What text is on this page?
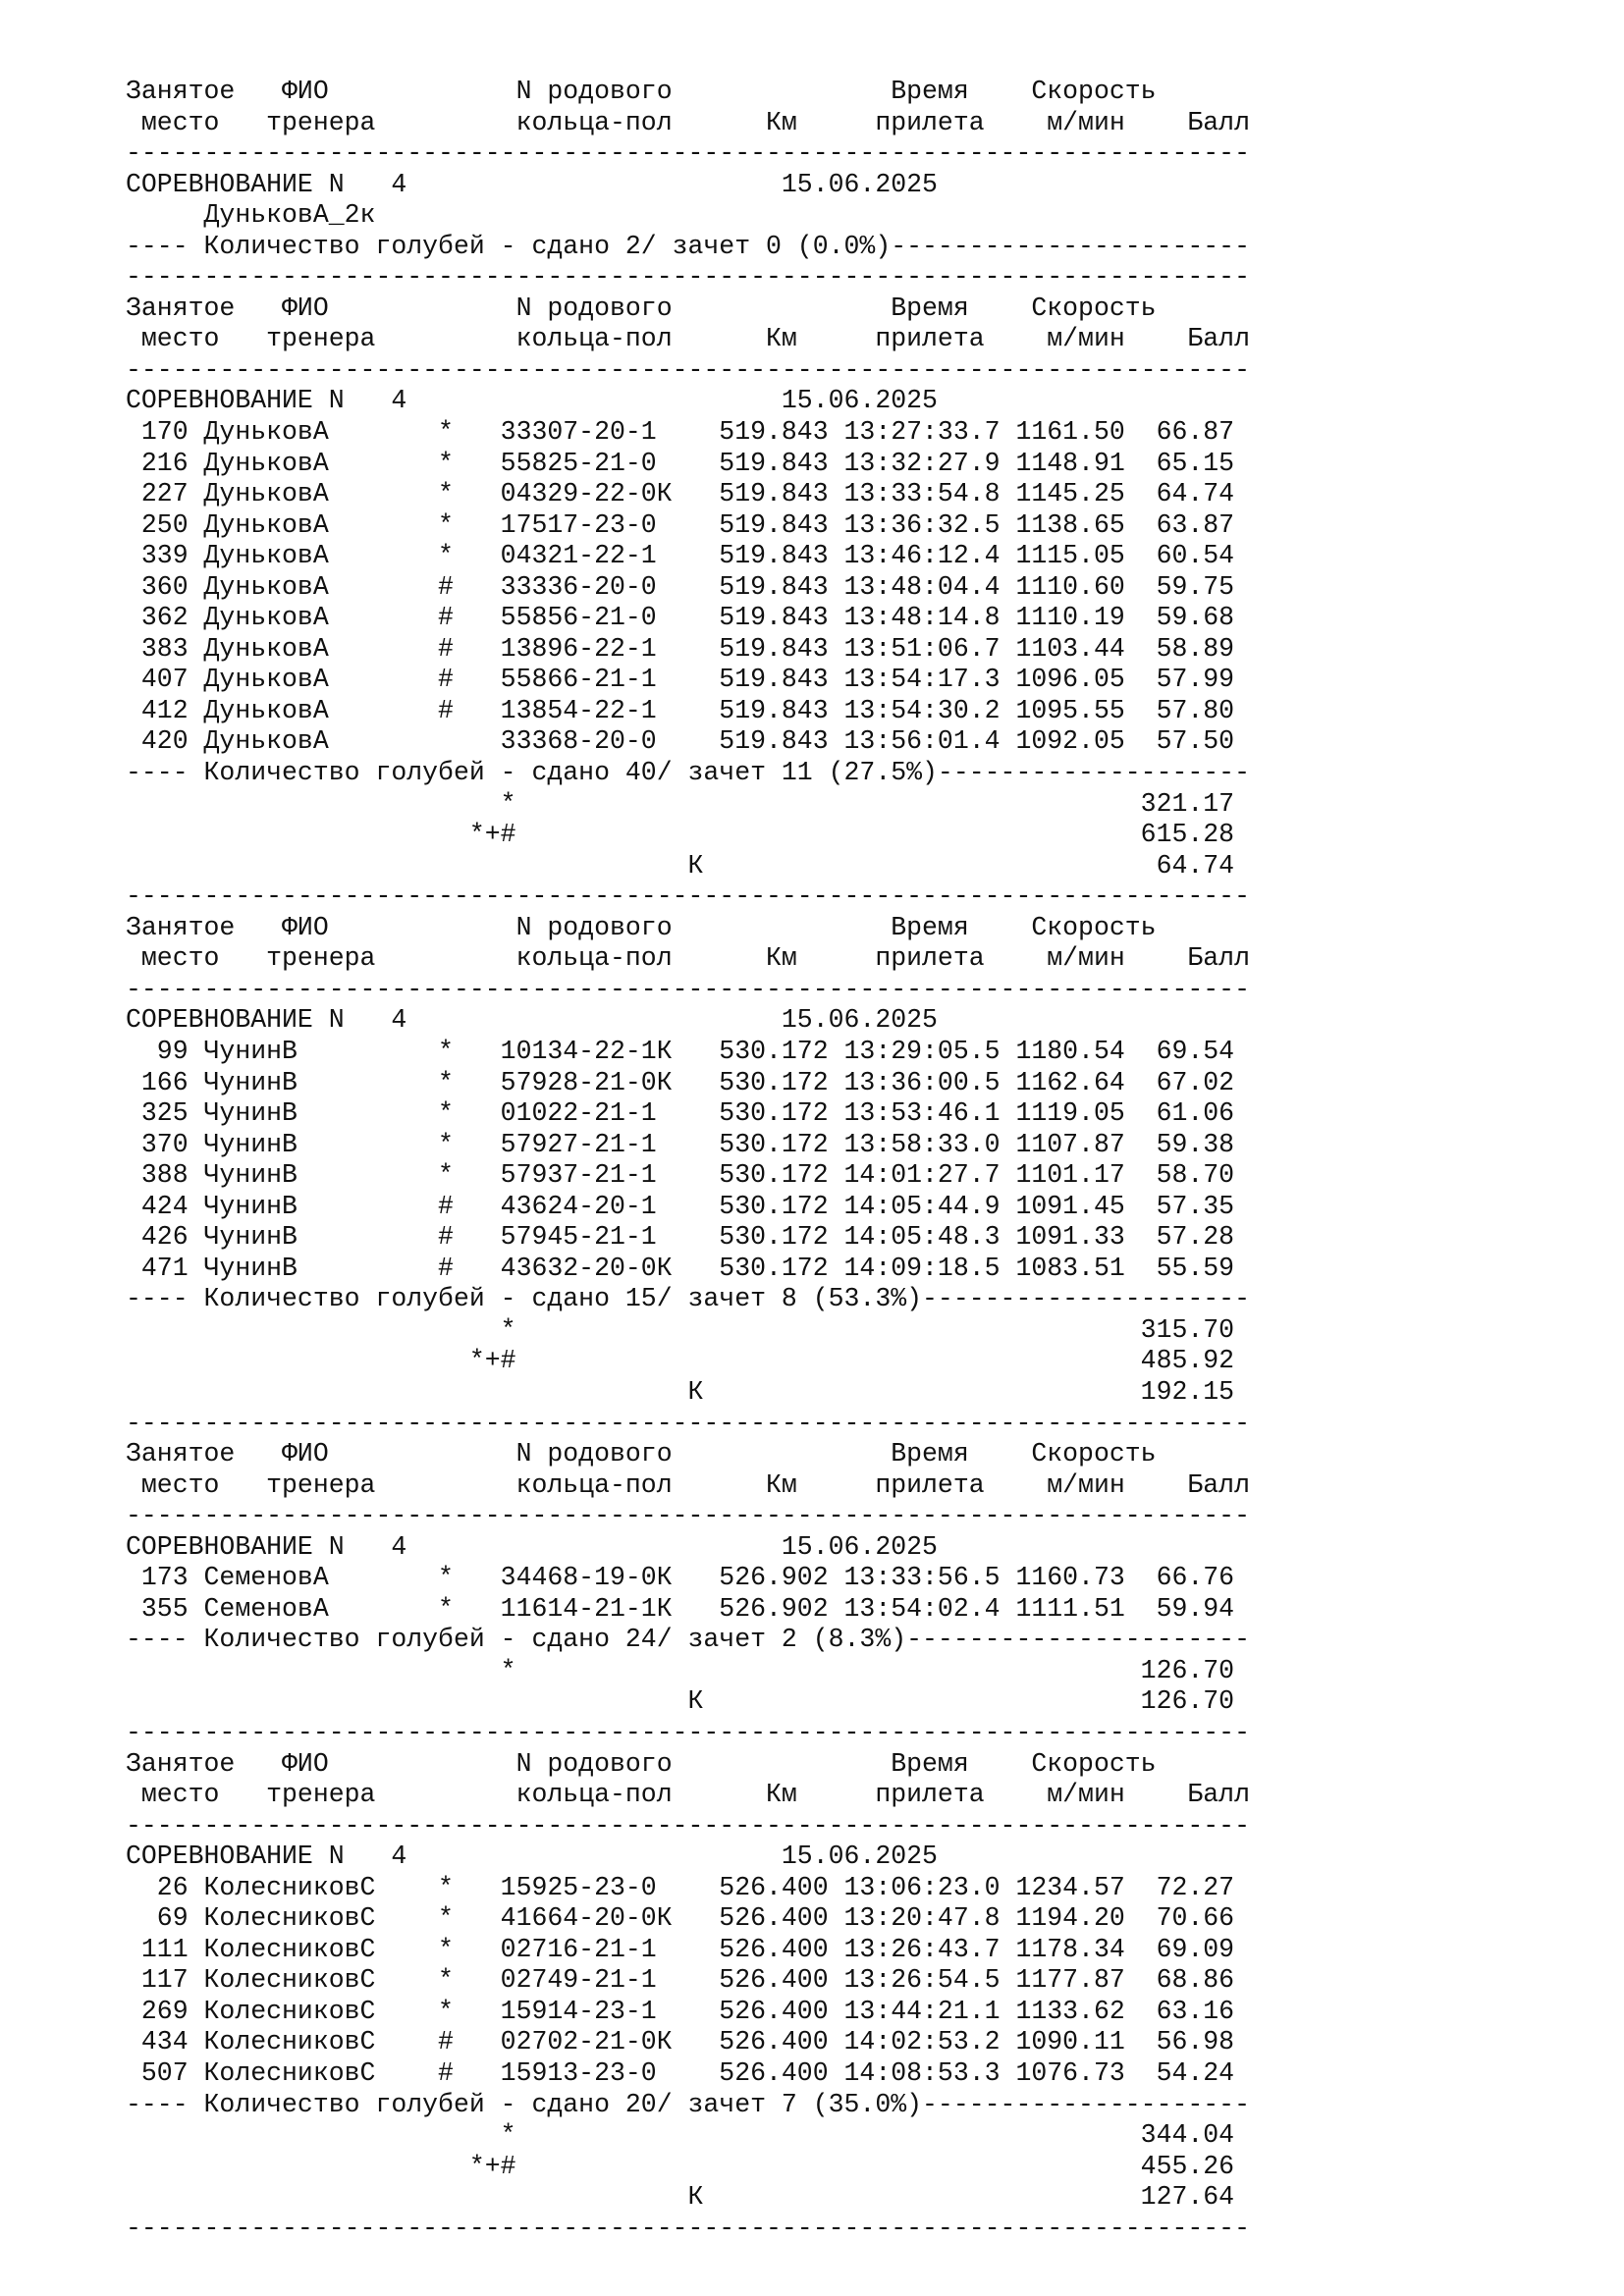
Занятое   ФИО            N родового              Время    Скорость
место   тренера         кольца-пол      Км     прилета    м/мин    Балл
------------------------------------------------------------------------
СОРЕВНОВАНИЕ N   4                        15.06.2025
ДуньковА_2к
---- Количество голубей - сдано 2/ зачет 0 (0.0%)-----------------------
------------------------------------------------------------------------
Занятое   ФИО            N родового              Время    Скорость
место   тренера         кольца-пол      Км     прилета    м/мин    Балл
------------------------------------------------------------------------
СОРЕВНОВАНИЕ N   4                        15.06.2025
170 ДуньковА       *   33307-20-1    519.843 13:27:33.7 1161.50  66.87
216 ДуньковА       *   55825-21-0    519.843 13:32:27.9 1148.91  65.15
227 ДуньковА       *   04329-22-0К   519.843 13:33:54.8 1145.25  64.74
250 ДуньковА       *   17517-23-0    519.843 13:36:32.5 1138.65  63.87
339 ДуньковА       *   04321-22-1    519.843 13:46:12.4 1115.05  60.54
360 ДуньковА       #   33336-20-0    519.843 13:48:04.4 1110.60  59.75
362 ДуньковА       #   55856-21-0    519.843 13:48:14.8 1110.19  59.68
383 ДуньковА       #   13896-22-1    519.843 13:51:06.7 1103.44  58.89
407 ДуньковА       #   55866-21-1    519.843 13:54:17.3 1096.05  57.99
412 ДуньковА       #   13854-22-1    519.843 13:54:30.2 1095.55  57.80
420 ДуньковА           33368-20-0    519.843 13:56:01.4 1092.05  57.50
---- Количество голубей - сдано 40/ зачет 11 (27.5%)--------------------
*                                        321.17
*+#                                        615.28
К                             64.74
------------------------------------------------------------------------
Занятое   ФИО            N родового              Время    Скорость
место   тренера         кольца-пол      Км     прилета    м/мин    Балл
------------------------------------------------------------------------
СОРЕВНОВАНИЕ N   4                        15.06.2025
99 ЧунинВ         *   10134-22-1К   530.172 13:29:05.5 1180.54  69.54
166 ЧунинВ         *   57928-21-0К   530.172 13:36:00.5 1162.64  67.02
325 ЧунинВ         *   01022-21-1    530.172 13:53:46.1 1119.05  61.06
370 ЧунинВ         *   57927-21-1    530.172 13:58:33.0 1107.87  59.38
388 ЧунинВ         *   57937-21-1    530.172 14:01:27.7 1101.17  58.70
424 ЧунинВ         #   43624-20-1    530.172 14:05:44.9 1091.45  57.35
426 ЧунинВ         #   57945-21-1    530.172 14:05:48.3 1091.33  57.28
471 ЧунинВ         #   43632-20-0К   530.172 14:09:18.5 1083.51  55.59
---- Количество голубей - сдано 15/ зачет 8 (53.3%)---------------------
*                                        315.70
*+#                                        485.92
К                            192.15
------------------------------------------------------------------------
Занятое   ФИО            N родового              Время    Скорость
место   тренера         кольца-пол      Км     прилета    м/мин    Балл
------------------------------------------------------------------------
СОРЕВНОВАНИЕ N   4                        15.06.2025
173 СеменовА       *   34468-19-0К   526.902 13:33:56.5 1160.73  66.76
355 СеменовА       *   11614-21-1К   526.902 13:54:02.4 1111.51  59.94
---- Количество голубей - сдано 24/ зачет 2 (8.3%)----------------------
*                                        126.70
К                            126.70
------------------------------------------------------------------------
Занятое   ФИО            N родового              Время    Скорость
место   тренера         кольца-пол      Км     прилета    м/мин    Балл
------------------------------------------------------------------------
СОРЕВНОВАНИЕ N   4                        15.06.2025
26 КолесниковС    *   15925-23-0    526.400 13:06:23.0 1234.57  72.27
69 КолесниковС    *   41664-20-0К   526.400 13:20:47.8 1194.20  70.66
111 КолесниковС    *   02716-21-1    526.400 13:26:43.7 1178.34  69.09
117 КолесниковС    *   02749-21-1    526.400 13:26:54.5 1177.87  68.86
269 КолесниковС    *   15914-23-1    526.400 13:44:21.1 1133.62  63.16
434 КолесниковС    #   02702-21-0К   526.400 14:02:53.2 1090.11  56.98
507 КолесниковС    #   15913-23-0    526.400 14:08:53.3 1076.73  54.24
---- Количество голубей - сдано 20/ зачет 7 (35.0%)---------------------
*                                        344.04
*+#                                        455.26
К                            127.64
------------------------------------------------------------------------
